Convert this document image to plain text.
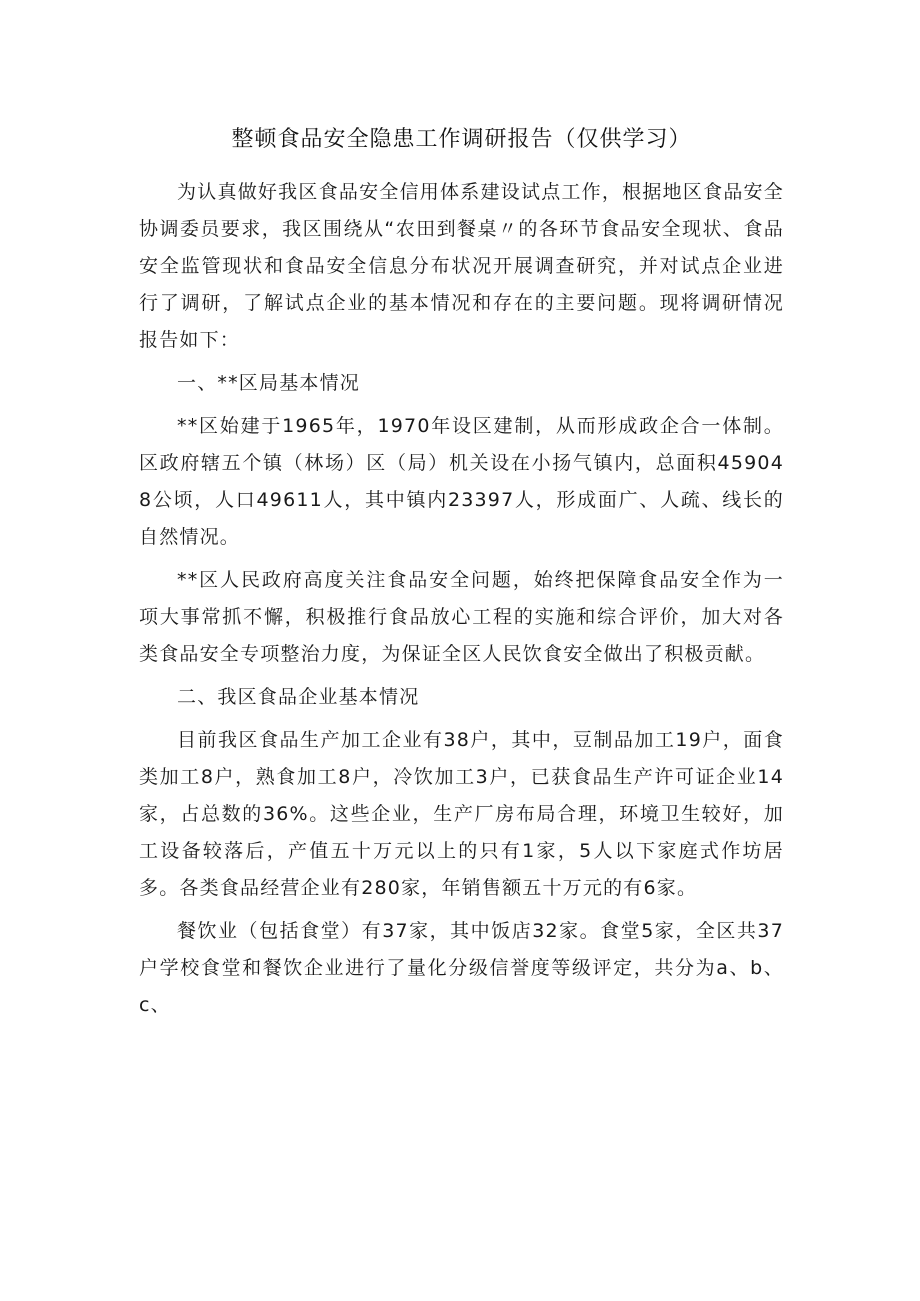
整顿食品安全隐患工作调研报告（仅供学习）

为认真做好我区食品安全信用体系建设试点工作，根据地区食品安全协调委员要求，我区围绕从“农田到餐桌〃的各环节食品安全现状、食品安全监管现状和食品安全信息分布状况开展调查研究，并对试点企业进行了调研，了解试点企业的基本情况和存在的主要问题。现将调研情况报告如下：

一、**区局基本情况

**区始建于1965年，1970年设区建制，从而形成政企合一体制。区政府辖五个镇（林场）区（局）机关设在小扬气镇内，总面积459048公顷，人口49611人，其中镇内23397人，形成面广、人疏、线长的自然情况。

**区人民政府高度关注食品安全问题，始终把保障食品安全作为一项大事常抓不懈，积极推行食品放心工程的实施和综合评价，加大对各类食品安全专项整治力度，为保证全区人民饮食安全做出了积极贡献。

二、我区食品企业基本情况

目前我区食品生产加工企业有38户，其中，豆制品加工19户，面食类加工8户，熟食加工8户，冷饮加工3户，已获食品生产许可证企业14家，占总数的36%。这些企业，生产厂房布局合理，环境卫生较好，加工设备较落后，产值五十万元以上的只有1家，5人以下家庭式作坊居多。各类食品经营企业有280家，年销售额五十万元的有6家。

餐饮业（包括食堂）有37家，其中饭店32家。食堂5家，全区共37户学校食堂和餐饮企业进行了量化分级信誉度等级评定，共分为a、b、c、
